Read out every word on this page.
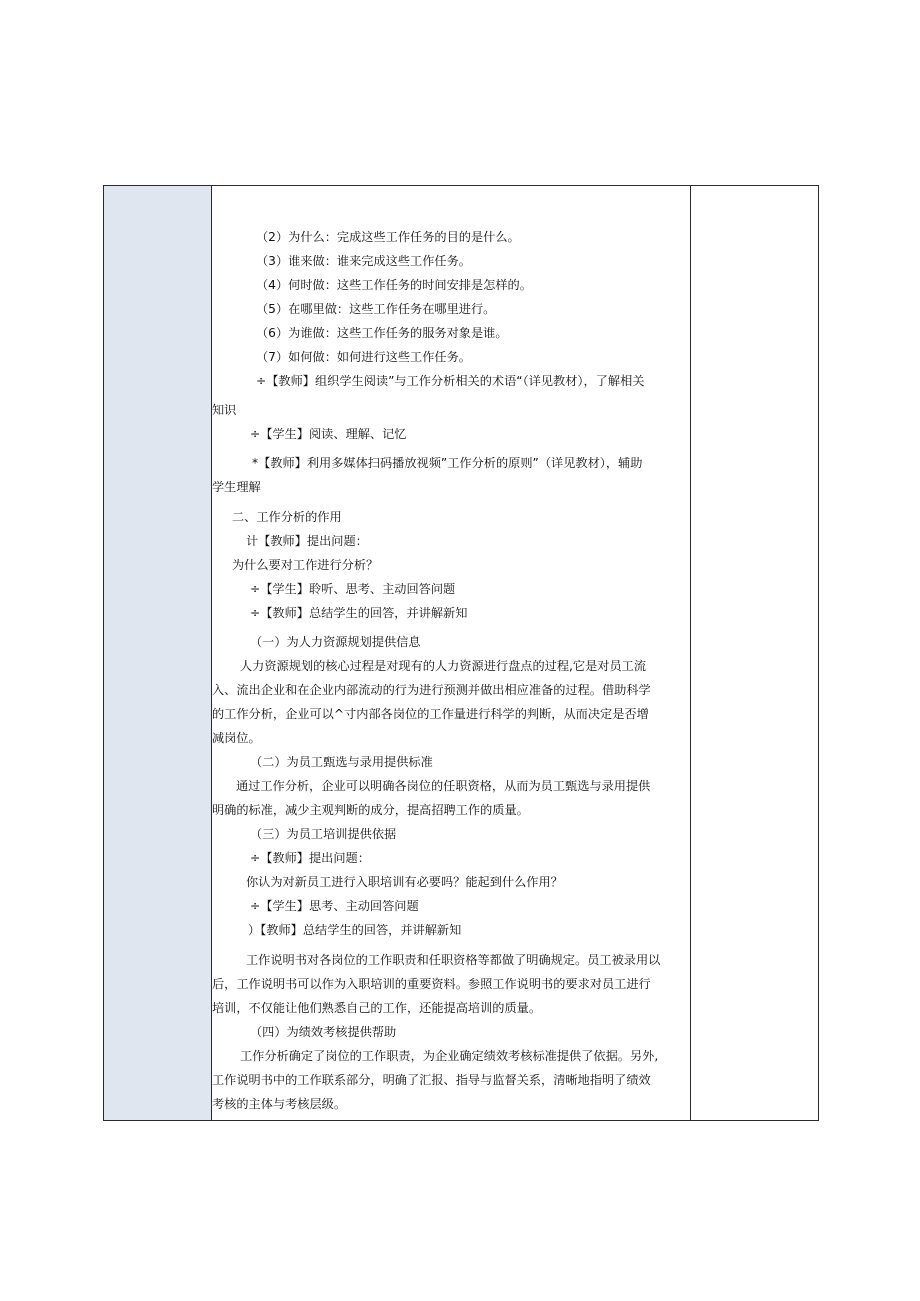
（2）为什么：完成这些工作任务的目的是什么。
（3）谁来做：谁来完成这些工作任务。
（4）何时做：这些工作任务的时间安排是怎样的。
（5）在哪里做：这些工作任务在哪里进行。
（6）为谁做：这些工作任务的服务对象是谁。
（7）如何做：如何进行这些工作任务。
÷【教师】组织学生阅读”与工作分析相关的术语“（详见教材），了解相关
知识
÷【学生】阅读、理解、记忆
*【教师】利用多媒体扫码播放视频”工作分析的原则”（详见教材），辅助
学生理解
二、工作分析的作用
计【教师】提出问题：
为什么要对工作进行分析？
÷【学生】聆听、思考、主动回答问题
÷【教师】总结学生的回答，并讲解新知
（一）为人力资源规划提供信息
人力资源规划的核心过程是对现有的人力资源进行盘点的过程,它是对员工流
入、流出企业和在企业内部流动的行为进行预测并做出相应准备的过程。借助科学
的工作分析，企业可以^寸内部各岗位的工作量进行科学的判断，从而决定是否增
减岗位。
（二）为员工甄选与录用提供标准
通过工作分析，企业可以明确各岗位的任职资格，从而为员工甄选与录用提供
明确的标准，减少主观判断的成分，提高招聘工作的质量。
（三）为员工培训提供依据
÷【教师】提出问题：
你认为对新员工进行入职培训有必要吗？能起到什么作用？
÷【学生】思考、主动回答问题
）【教师】总结学生的回答，并讲解新知
工作说明书对各岗位的工作职责和任职资格等都做了明确规定。员工被录用以
后，工作说明书可以作为入职培训的重要资料。参照工作说明书的要求对员工进行
培训，不仅能让他们熟悉自己的工作，还能提高培训的质量。
（四）为绩效考核提供帮助
工作分析确定了岗位的工作职责，为企业确定绩效考核标准提供了依据。另外,
工作说明书中的工作联系部分，明确了汇报、指导与监督关系，清晰地指明了绩效
考核的主体与考核层级。
